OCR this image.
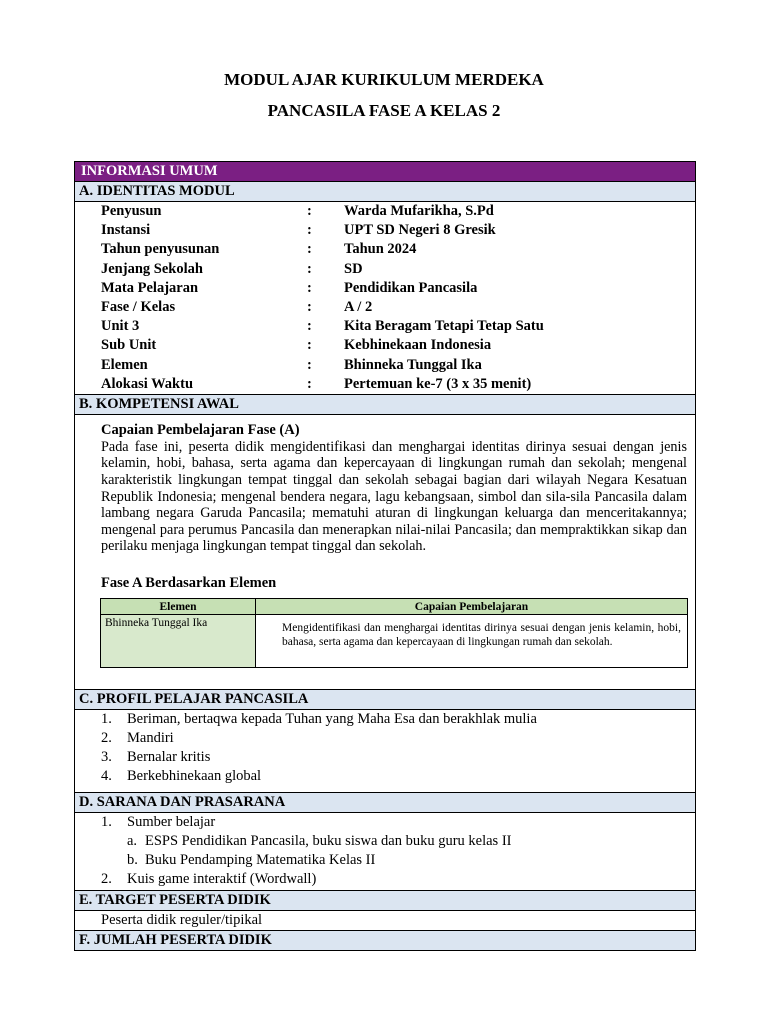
MODUL AJAR KURIKULUM MERDEKA
PANCASILA FASE A KELAS 2
INFORMASI UMUM
A. IDENTITAS MODUL
Penyusun	:	Warda Mufarikha, S.Pd
Instansi	:	UPT SD Negeri 8 Gresik
Tahun penyusunan	:	Tahun 2024
Jenjang Sekolah	:	SD
Mata Pelajaran	:	Pendidikan Pancasila
Fase / Kelas	:	A / 2
Unit 3	:	Kita Beragam Tetapi Tetap Satu
Sub Unit	:	Kebhinekaan Indonesia
Elemen	:	Bhinneka Tunggal Ika
Alokasi Waktu	:	Pertemuan ke-7 (3 x 35 menit)
B. KOMPETENSI AWAL
Capaian Pembelajaran Fase (A)
Pada fase ini, peserta didik mengidentifikasi dan menghargai identitas dirinya sesuai dengan jenis kelamin, hobi, bahasa, serta agama dan kepercayaan di lingkungan rumah dan sekolah; mengenal karakteristik lingkungan tempat tinggal dan sekolah sebagai bagian dari wilayah Negara Kesatuan Republik Indonesia; mengenal bendera negara, lagu kebangsaan, simbol dan sila-sila Pancasila dalam lambang negara Garuda Pancasila; mematuhi aturan di lingkungan keluarga dan menceritakannya; mengenal para perumus Pancasila dan menerapkan nilai-nilai Pancasila; dan mempraktikkan sikap dan perilaku menjaga lingkungan tempat tinggal dan sekolah.
Fase A Berdasarkan Elemen
Elemen	Capaian Pembelajaran
Bhinneka Tunggal Ika	Mengidentifikasi dan menghargai identitas dirinya sesuai dengan jenis kelamin, hobi, bahasa, serta agama dan kepercayaan di lingkungan rumah dan sekolah.
C. PROFIL PELAJAR PANCASILA
1.	Beriman, bertaqwa kepada Tuhan yang Maha Esa dan berakhlak mulia
2.	Mandiri
3.	Bernalar kritis
4.	Berkebhinekaan global
D. SARANA DAN PRASARANA
1.	Sumber belajar
a. ESPS Pendidikan Pancasila, buku siswa dan buku guru kelas II
b. Buku Pendamping Matematika Kelas II
2.	Kuis game interaktif (Wordwall)
E. TARGET PESERTA DIDIK
Peserta didik reguler/tipikal
F. JUMLAH PESERTA DIDIK
